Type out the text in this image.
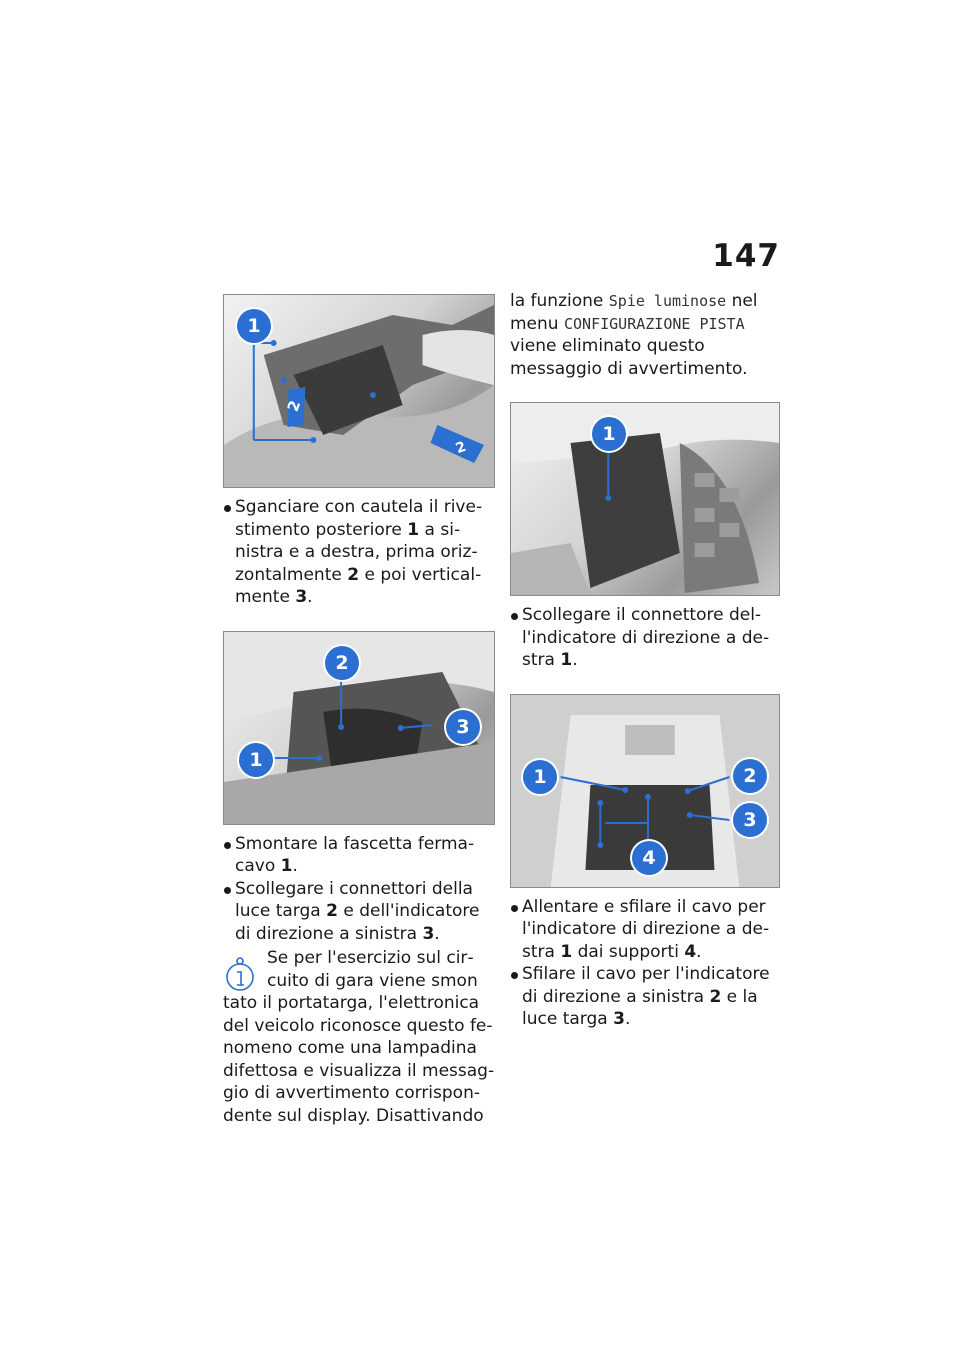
147
1
2
2
Sganciare con cautela il rivestimento posteriore 1 a sinistra e a destra, prima orizzontalmente 2 e poi verticalmente 3.
2
3
1
Smontare la fascetta fermacavo 1.
Scollegare i connettori della luce targa 2 e dell'indicatore di direzione a sinistra 3.
Se per l'esercizio sul circuito di gara viene smon
tato il portatarga, l'elettronica del veicolo riconosce questo fenomeno come una lampadina difettosa e visualizza il messaggio di avvertimento corrispondente sul display. Disattivando
la funzione Spie luminose nel menu CONFIGURAZIONE PISTA viene eliminato questo messaggio di avvertimento.
1
Scollegare il connettore dell'indicatore di direzione a destra 1.
1	2
3
4
Allentare e sfilare il cavo per l'indicatore di direzione a destra 1 dai supporti 4.
Sfilare il cavo per l'indicatore di direzione a sinistra 2 e la luce targa 3.
